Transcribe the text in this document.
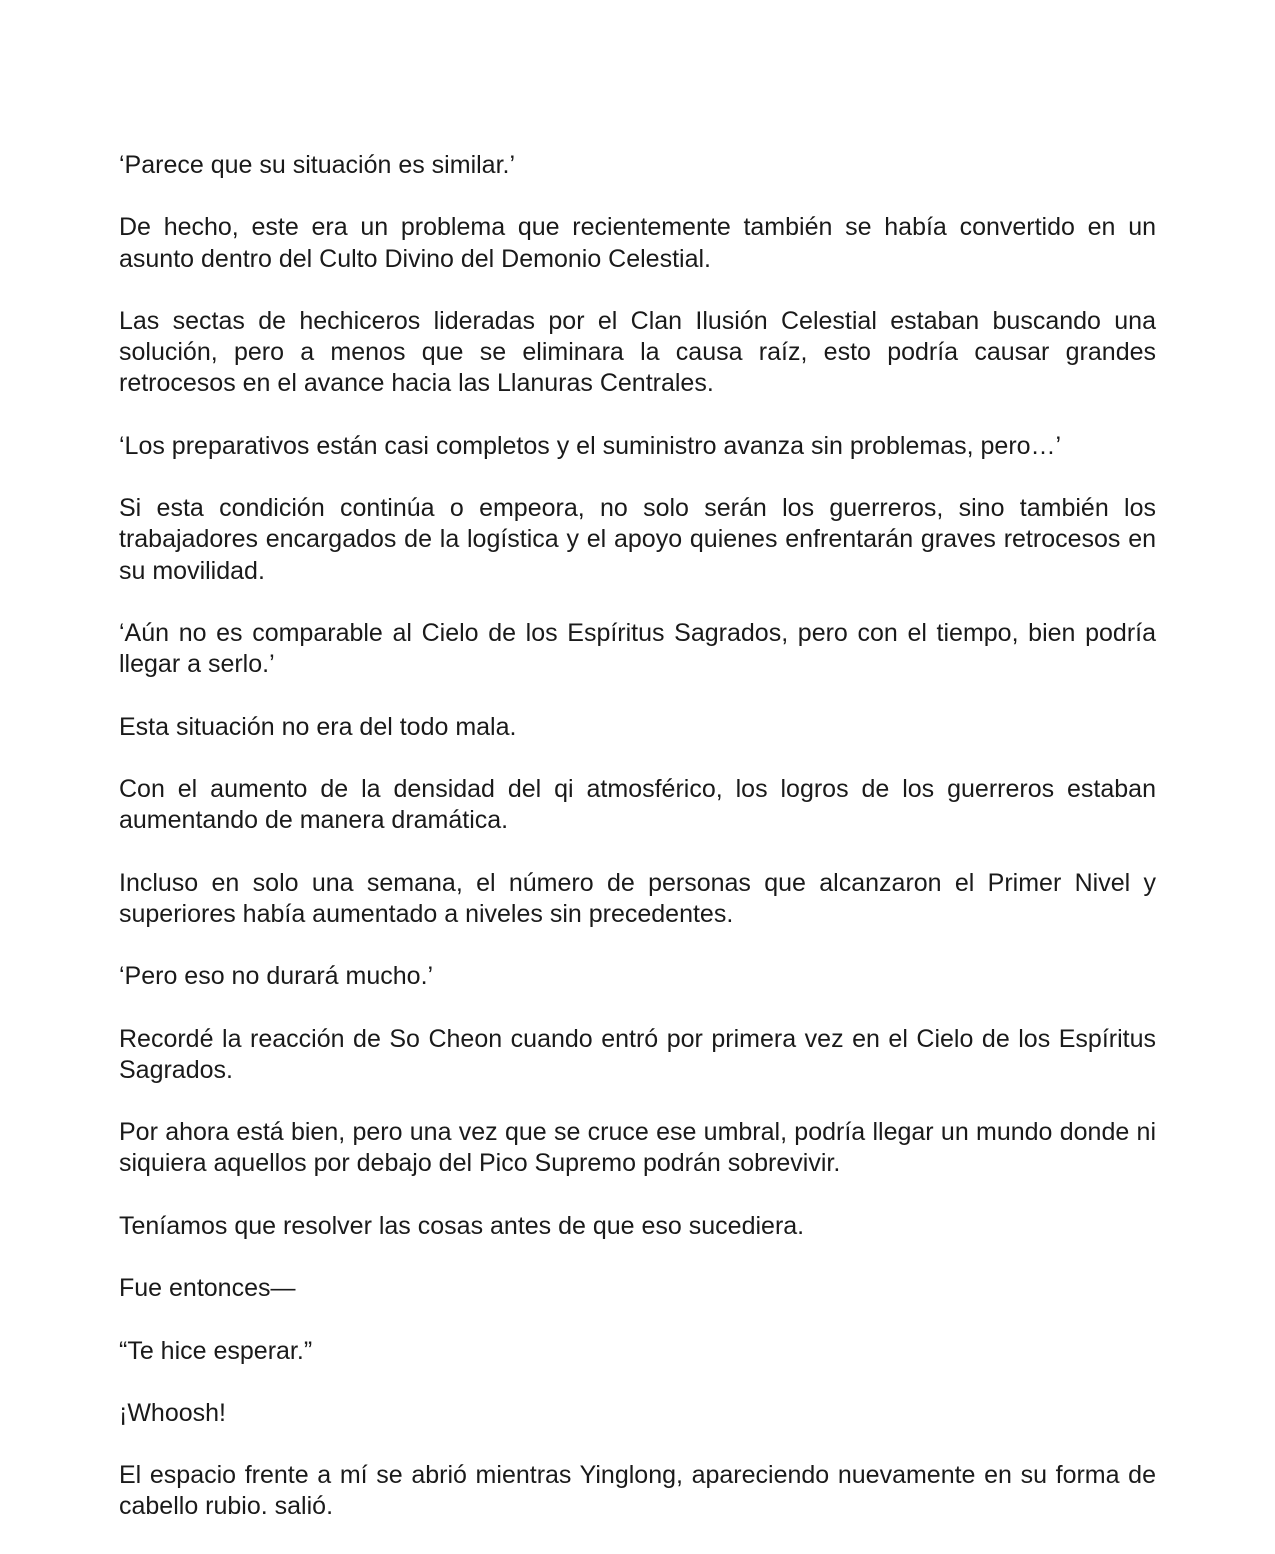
‘Parece que su situación es similar.’

De hecho, este era un problema que recientemente también se había convertido en un asunto dentro del Culto Divino del Demonio Celestial.

Las sectas de hechiceros lideradas por el Clan Ilusión Celestial estaban buscando una solución, pero a menos que se eliminara la causa raíz, esto podría causar grandes retrocesos en el avance hacia las Llanuras Centrales.

‘Los preparativos están casi completos y el suministro avanza sin problemas, pero…’

Si esta condición continúa o empeora, no solo serán los guerreros, sino también los trabajadores encargados de la logística y el apoyo quienes enfrentarán graves retrocesos en su movilidad.

‘Aún no es comparable al Cielo de los Espíritus Sagrados, pero con el tiempo, bien podría llegar a serlo.’

Esta situación no era del todo mala.

Con el aumento de la densidad del qi atmosférico, los logros de los guerreros estaban aumentando de manera dramática.

Incluso en solo una semana, el número de personas que alcanzaron el Primer Nivel y superiores había aumentado a niveles sin precedentes.

‘Pero eso no durará mucho.’

Recordé la reacción de So Cheon cuando entró por primera vez en el Cielo de los Espíritus Sagrados.

Por ahora está bien, pero una vez que se cruce ese umbral, podría llegar un mundo donde ni siquiera aquellos por debajo del Pico Supremo podrán sobrevivir.

Teníamos que resolver las cosas antes de que eso sucediera.

Fue entonces—

“Te hice esperar.”

¡Whoosh!

El espacio frente a mí se abrió mientras Yinglong, apareciendo nuevamente en su forma de cabello rubio. salió.
